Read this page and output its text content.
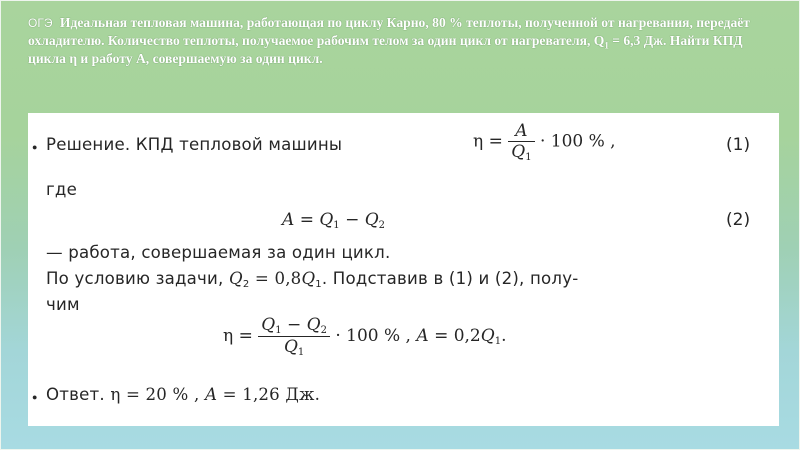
ОГЭ Идеальная тепловая машина, работающая по циклу Карно, 80 % теплоты, полученной от нагревания, передаёт охладителю. Количество теплоты, получаемое рабочим телом за один цикл от нагревателя, $Q_1 = 6,3$ Дж. Найти КПД цикла η и работу А, совершаемую за один цикл.
●
●
Решение. КПД тепловой машины	$\eta = \frac{A}{Q_1} \cdot 100$ % ,	(1)
где
$A = Q_1 - Q_2$	(2)
— работа, совершаемая за один цикл.
По условию задачи, $Q_2 = 0,8Q_1$. Подставив в (1) и (2), полу-
чим
$\eta = \frac{Q_1 - Q_2}{Q_1} \cdot 100$ % , $A = 0,2Q_1$.
Ответ. η = 20 % , A = 1,26 Дж.
